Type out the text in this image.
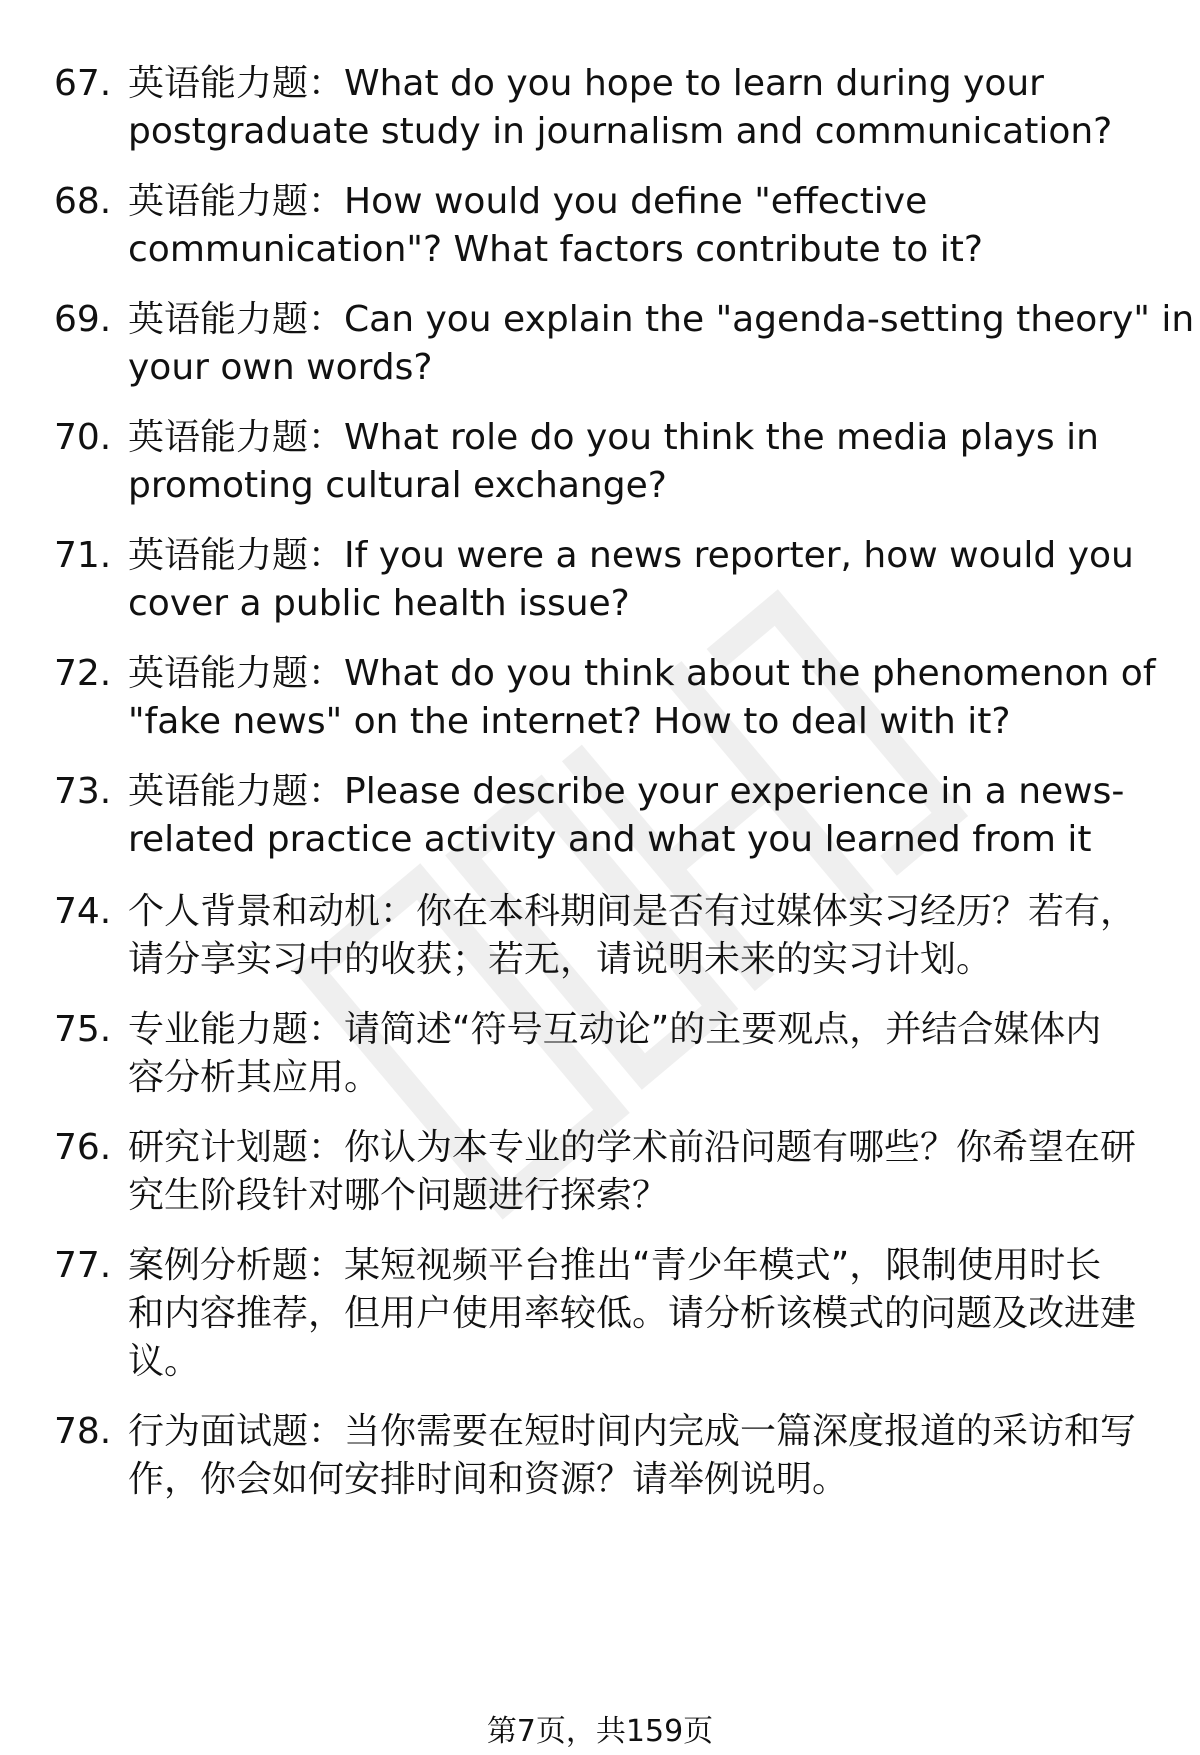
67. 英语能力题：What do you hope to learn during your
postgraduate study in journalism and communication?
68. 英语能力题：How would you define "effective
communication"? What factors contribute to it?
69. 英语能力题：Can you explain the "agenda-setting theory" in
your own words?
70. 英语能力题：What role do you think the media plays in
promoting cultural exchange?
71. 英语能力题：If you were a news reporter, how would you
cover a public health issue?
72. 英语能力题：What do you think about the phenomenon of
"fake news" on the internet? How to deal with it?
73. 英语能力题：Please describe your experience in a news-
related practice activity and what you learned from it
74. 个人背景和动机：你在本科期间是否有过媒体实习经历？若有，
请分享实习中的收获；若无，请说明未来的实习计划。
75. 专业能力题：请简述“符号互动论”的主要观点，并结合媒体内
容分析其应用。
76. 研究计划题：你认为本专业的学术前沿问题有哪些？你希望在研
究生阶段针对哪个问题进行探索？
77. 案例分析题：某短视频平台推出“青少年模式”，限制使用时长
和内容推荐，但用户使用率较低。请分析该模式的问题及改进建
议。
78. 行为面试题：当你需要在短时间内完成一篇深度报道的采访和写
作，你会如何安排时间和资源？请举例说明。
第7页，共159页
